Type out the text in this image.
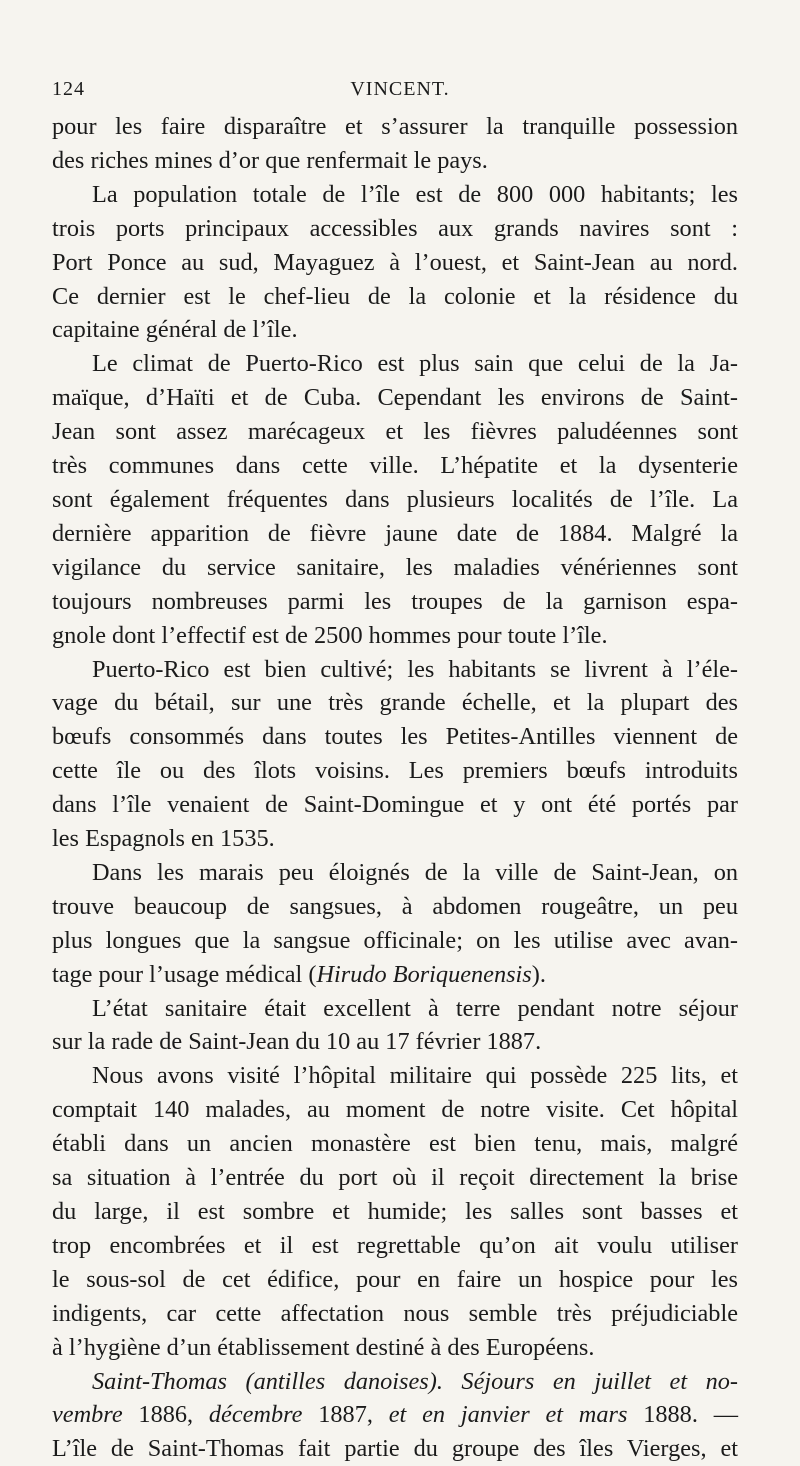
124	VINCENT.
pour les faire disparaître et s’assurer la tranquille possession
des riches mines d’or que renfermait le pays.
La population totale de l’île est de 800 000 habitants; les
trois ports principaux accessibles aux grands navires sont :
Port Ponce au sud, Mayaguez à l’ouest, et Saint-Jean au nord.
Ce dernier est le chef-lieu de la colonie et la résidence du
capitaine général de l’île.
Le climat de Puerto-Rico est plus sain que celui de la Ja-
maïque, d’Haïti et de Cuba. Cependant les environs de Saint-
Jean sont assez marécageux et les fièvres paludéennes sont
très communes dans cette ville. L’hépatite et la dysenterie
sont également fréquentes dans plusieurs localités de l’île. La
dernière apparition de fièvre jaune date de 1884. Malgré la
vigilance du service sanitaire, les maladies vénériennes sont
toujours nombreuses parmi les troupes de la garnison espa-
gnole dont l’effectif est de 2500 hommes pour toute l’île.
Puerto-Rico est bien cultivé; les habitants se livrent à l’éle-
vage du bétail, sur une très grande échelle, et la plupart des
bœufs consommés dans toutes les Petites-Antilles viennent de
cette île ou des îlots voisins. Les premiers bœufs introduits
dans l’île venaient de Saint-Domingue et y ont été portés par
les Espagnols en 1535.
Dans les marais peu éloignés de la ville de Saint-Jean, on
trouve beaucoup de sangsues, à abdomen rougeâtre, un peu
plus longues que la sangsue officinale; on les utilise avec avan-
tage pour l’usage médical (Hirudo Boriquenensis).
L’état sanitaire était excellent à terre pendant notre séjour
sur la rade de Saint-Jean du 10 au 17 février 1887.
Nous avons visité l’hôpital militaire qui possède 225 lits, et
comptait 140 malades, au moment de notre visite. Cet hôpital
établi dans un ancien monastère est bien tenu, mais, malgré
sa situation à l’entrée du port où il reçoit directement la brise
du large, il est sombre et humide; les salles sont basses et
trop encombrées et il est regrettable qu’on ait voulu utiliser
le sous-sol de cet édifice, pour en faire un hospice pour les
indigents, car cette affectation nous semble très préjudiciable
à l’hygiène d’un établissement destiné à des Européens.
Saint-Thomas (antilles danoises). Séjours en juillet et no-
vembre 1886, décembre 1887, et en janvier et mars 1888. —
L’île de Saint-Thomas fait partie du groupe des îles Vierges, et
